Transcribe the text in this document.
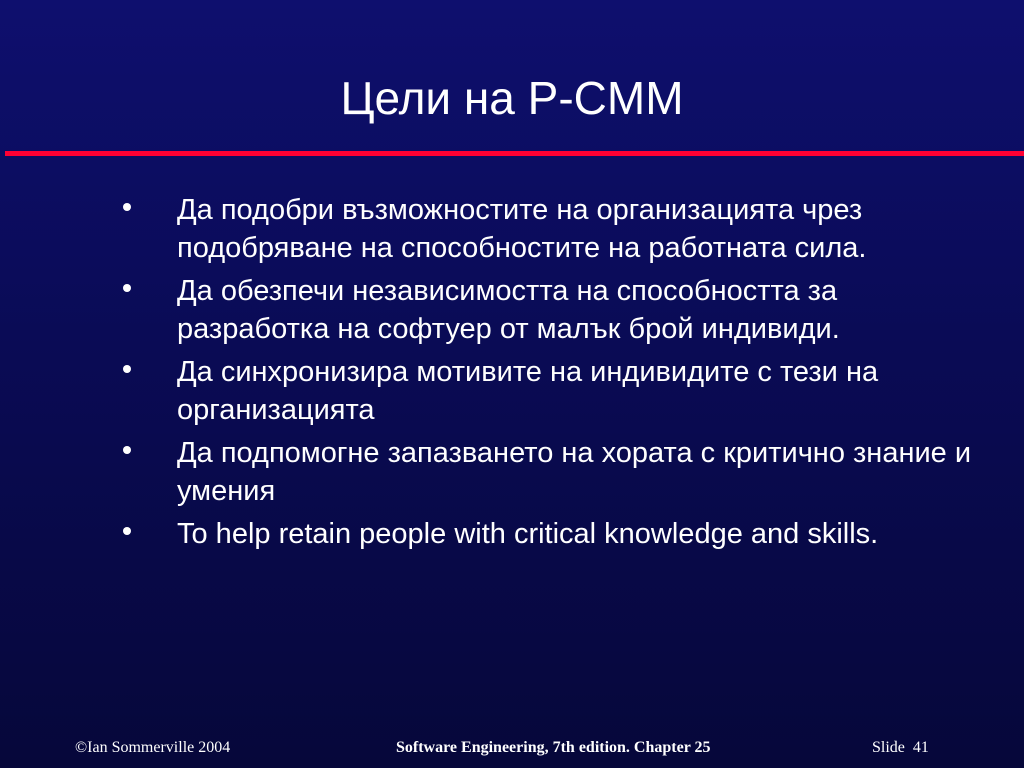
Цели на P-CMM
Да подобри възможностите на организацията чрез подобряване на способностите на работната сила.
Да обезпечи независимостта на способността за разработка на софтуер от малък брой индивиди.
Да синхронизира мотивите на индивидите с тези на организацията
Да подпомогне запазването на хората с критично знание и умения
To help retain people with critical knowledge and skills.
©Ian Sommerville 2004	Software Engineering, 7th edition. Chapter 25	Slide 41
